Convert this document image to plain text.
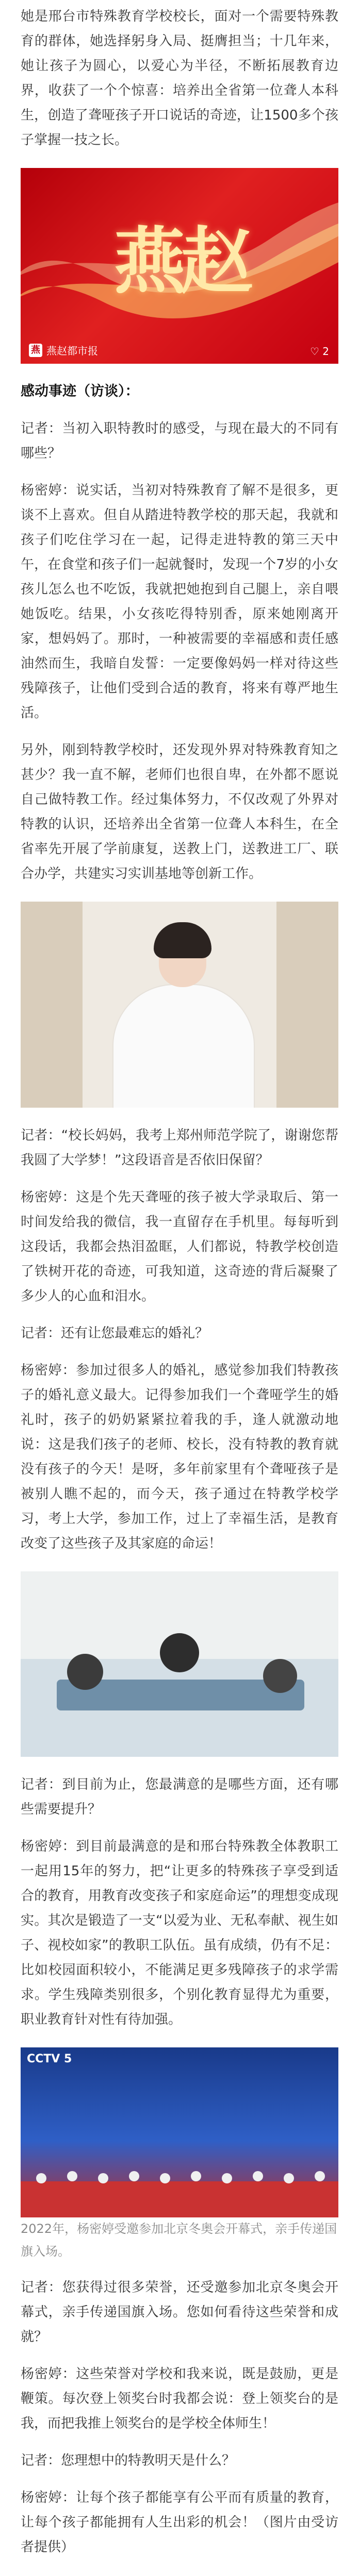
她是邢台市特殊教育学校校长，面对一个需要特殊教育的群体，她选择躬身入局、挺膺担当；十几年来，她让孩子为圆心，以爱心为半径，不断拓展教育边界，收获了一个个惊喜：培养出全省第一位聋人本科生，创造了聋哑孩子开口说话的奇迹，让1500多个孩子掌握一技之长。

燕赵
燕 燕赵都市报	♡ 2

感动事迹（访谈）：

记者：当初入职特教时的感受，与现在最大的不同有哪些？

杨密婷：说实话，当初对特殊教育了解不是很多，更谈不上喜欢。但自从踏进特教学校的那天起，我就和孩子们吃住学习在一起，记得走进特教的第三天中午，在食堂和孩子们一起就餐时，发现一个7岁的小女孩儿怎么也不吃饭，我就把她抱到自己腿上，亲自喂她饭吃。结果，小女孩吃得特别香，原来她刚离开家，想妈妈了。那时，一种被需要的幸福感和责任感油然而生，我暗自发誓：一定要像妈妈一样对待这些残障孩子，让他们受到合适的教育，将来有尊严地生活。

另外，刚到特教学校时，还发现外界对特殊教育知之甚少？我一直不解，老师们也很自卑，在外都不愿说自己做特教工作。经过集体努力，不仅改观了外界对特教的认识，还培养出全省第一位聋人本科生，在全省率先开展了学前康复，送教上门，送教进工厂、联合办学，共建实习实训基地等创新工作。

记者：“校长妈妈，我考上郑州师范学院了，谢谢您帮我圆了大学梦！”这段语音是否依旧保留？

杨密婷：这是个先天聋哑的孩子被大学录取后、第一时间发给我的微信，我一直留存在手机里。每每听到这段话，我都会热泪盈眶，人们都说，特教学校创造了铁树开花的奇迹，可我知道，这奇迹的背后凝聚了多少人的心血和泪水。

记者：还有让您最难忘的婚礼？

杨密婷：参加过很多人的婚礼，感觉参加我们特教孩子的婚礼意义最大。记得参加我们一个聋哑学生的婚礼时，孩子的奶奶紧紧拉着我的手，逢人就激动地说：这是我们孩子的老师、校长，没有特教的教育就没有孩子的今天！是呀，多年前家里有个聋哑孩子是被别人瞧不起的，而今天，孩子通过在特教学校学习，考上大学，参加工作，过上了幸福生活，是教育改变了这些孩子及其家庭的命运！

记者：到目前为止，您最满意的是哪些方面，还有哪些需要提升？

杨密婷：到目前最满意的是和邢台特殊教全体教职工一起用15年的努力，把“让更多的特殊孩子享受到适合的教育，用教育改变孩子和家庭命运”的理想变成现实。其次是锻造了一支“以爱为业、无私奉献、视生如子、视校如家”的教职工队伍。虽有成绩，仍有不足：比如校园面积较小，不能满足更多残障孩子的求学需求。学生残障类别很多，个别化教育显得尤为重要，职业教育针对性有待加强。

CCTV 5

2022年，杨密婷受邀参加北京冬奥会开幕式，亲手传递国旗入场。

记者：您获得过很多荣誉，还受邀参加北京冬奥会开幕式，亲手传递国旗入场。您如何看待这些荣誉和成就？

杨密婷：这些荣誉对学校和我来说，既是鼓励，更是鞭策。每次登上领奖台时我都会说：登上领奖台的是我，而把我推上领奖台的是学校全体师生！

记者：您理想中的特教明天是什么？

杨密婷：让每个孩子都能享有公平而有质量的教育，让每个孩子都能拥有人生出彩的机会！（图片由受访者提供）
